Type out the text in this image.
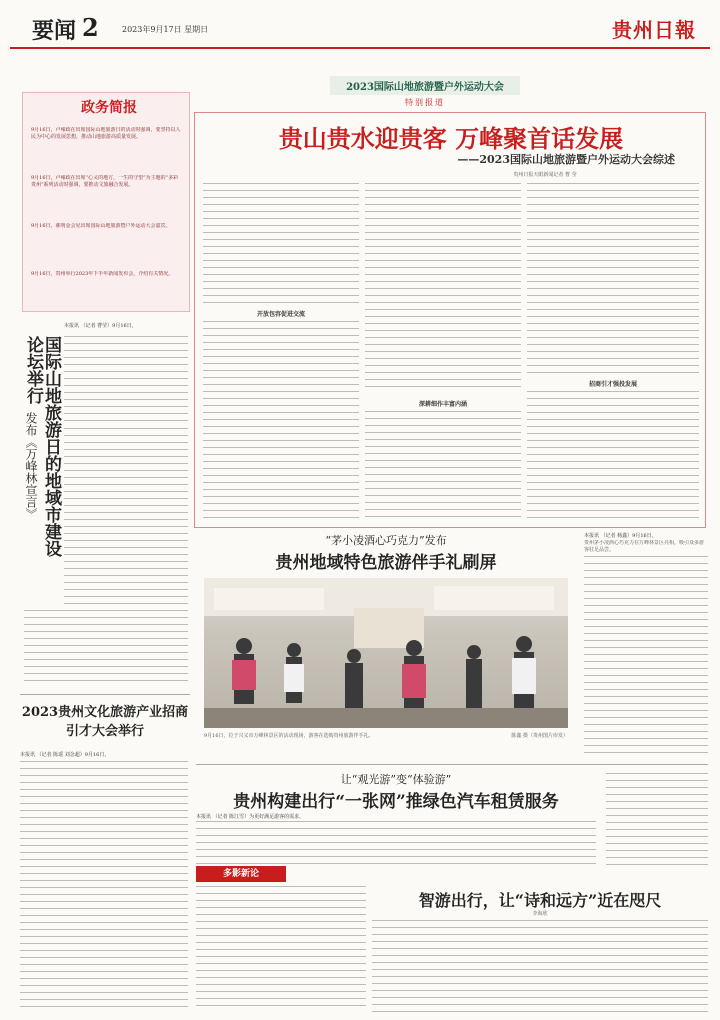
要闻 2	2023年9月17日 星期日	贵州日報
2023国际山地旅游暨户外运动大会
特别报道
政务简报
9月16日，卢雍政在出席国际山地旅游日的活动时强调，要坚持以人民为中心的发展思想，推动山地旅游高质量发展。
9月16日，卢雍政在出席“心灵的地方，一生的守望”为主题的“多彩贵州”系列活动时强调，要推动文旅融合发展。
9月16日，郝明金会见出席国际山地旅游暨户外运动大会嘉宾。
9月16日，贵州举行2023年下半年新闻发布会，介绍有关情况。
贵山贵水迎贵客 万峰聚首话发展
——2023国际山地旅游暨户外运动大会综述
贵州日报天眼新闻记者 曹 莹
开放包容促进交流
深耕细作丰富内涵
招商引才强投发展
国际山地旅游日的地域市建设论坛举行
发布《万峰林宣言》
本报讯 （记者 曹莹）9月16日，
2023贵州文化旅游产业招商引才大会举行
本报讯 （记者 陈遥 刘念超）9月16日，
“茅小凌酒心巧克力”发布
贵州地域特色旅游伴手礼刷屏
9月16日，位于兴义市万峰林景区的活动现场，游客在选购贵州旅游伴手礼。	陈鑫 摄（贵州图片库发）
本报讯 （记者 杨鑫）9月16日，
贵州茅小凌酒心巧克力在万峰林景区亮相，吸引众多游客驻足品尝。
让“观光游”变“体验游”
贵州构建出行“一张网”推绿色汽车租赁服务
本报讯 （记者 陈江雪）为更好满足游客的需求，
多影新论
智游出行，让“诗和远方”近在咫尺
李海欣
